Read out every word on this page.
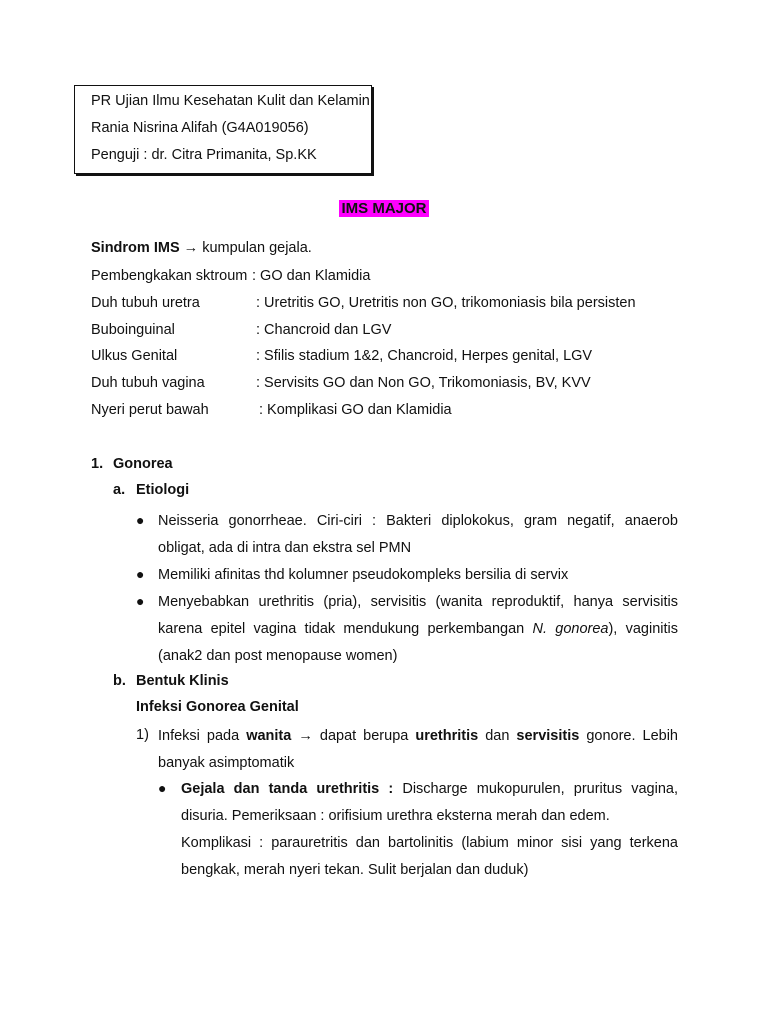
PR Ujian Ilmu Kesehatan Kulit dan Kelamin
Rania Nisrina Alifah (G4A019056)
Penguji : dr. Citra Primanita, Sp.KK
IMS MAJOR
Sindrom IMS → kumpulan gejala.
Pembengkakan sktroum : GO dan Klamidia
Duh tubuh uretra	: Uretritis GO, Uretritis non GO, trikomoniasis bila persisten
Buboinguinal	: Chancroid dan LGV
Ulkus Genital	: Sfilis stadium 1&2, Chancroid, Herpes genital, LGV
Duh tubuh vagina	: Servisits GO dan Non GO, Trikomoniasis, BV, KVV
Nyeri perut bawah	: Komplikasi GO dan Klamidia
1. Gonorea
a. Etiologi
● Neisseria gonorrheae. Ciri-ciri : Bakteri diplokokus, gram negatif, anaerob obligat, ada di intra dan ekstra sel PMN
● Memiliki afinitas thd kolumner pseudokompleks bersilia di servix
● Menyebabkan urethritis (pria), servisitis (wanita reproduktif, hanya servisitis karena epitel vagina tidak mendukung perkembangan N. gonorea), vaginitis (anak2 dan post menopause women)
b. Bentuk Klinis
Infeksi Gonorea Genital
1) Infeksi pada wanita → dapat berupa urethritis dan servisitis gonore. Lebih banyak asimptomatik
● Gejala dan tanda urethritis : Discharge mukopurulen, pruritus vagina, disuria. Pemeriksaan : orifisium urethra eksterna merah dan edem.
Komplikasi : parauretritis dan bartolinitis (labium minor sisi yang terkena bengkak, merah nyeri tekan. Sulit berjalan dan duduk)
